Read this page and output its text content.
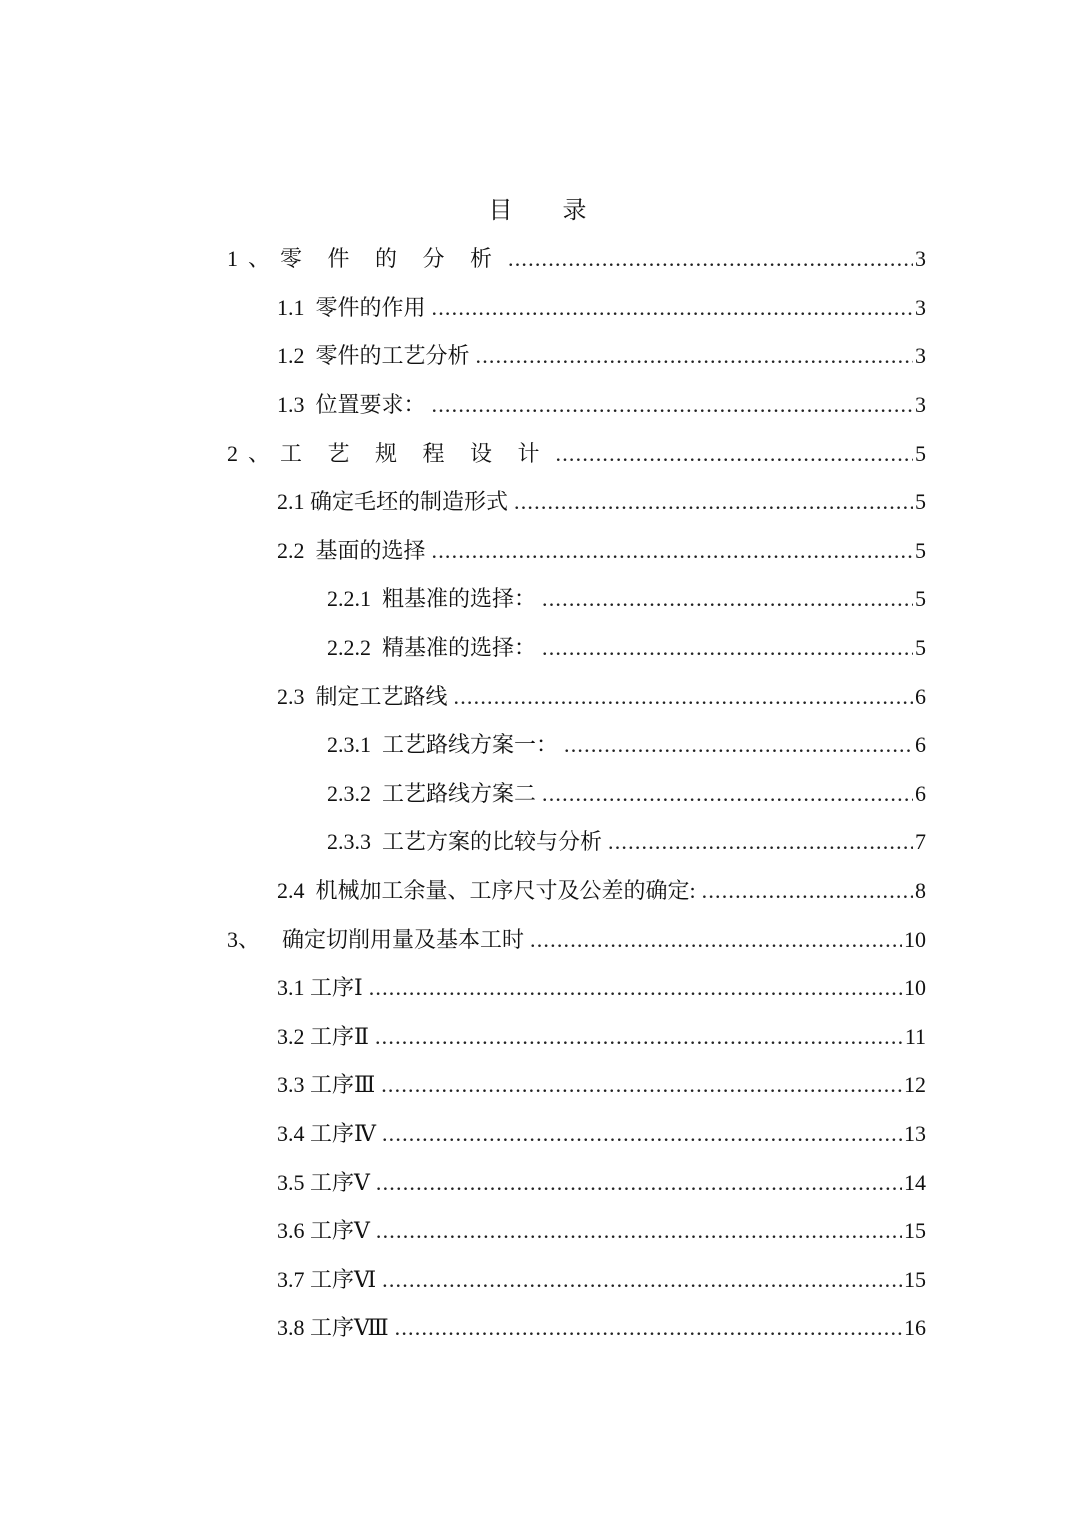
目 录
1、零 件 的 分 析 .....	3
1.1  零件的作用 .....	3
1.2  零件的工艺分析 .....	3
1.3  位置要求： .....	3
2、工 艺 规 程 设 计 .....	5
2.1 确定毛坯的制造形式 .....	5
2.2  基面的选择 .....	5
2.2.1  粗基准的选择： .....	5
2.2.2  精基准的选择： .....	5
2.3  制定工艺路线 .....	6
2.3.1  工艺路线方案一： .....	6
2.3.2  工艺路线方案二 .....	6
2.3.3  工艺方案的比较与分析 .....	7
2.4  机械加工余量、工序尺寸及公差的确定: .....	8
3、    确定切削用量及基本工时 .....	10
3.1 工序Ⅰ .....	10
3.2 工序Ⅱ .....	11
3.3 工序Ⅲ .....	12
3.4 工序Ⅳ .....	13
3.5 工序Ⅴ .....	14
3.6 工序Ⅴ .....	15
3.7 工序Ⅵ .....	15
3.8 工序Ⅷ .....	16
